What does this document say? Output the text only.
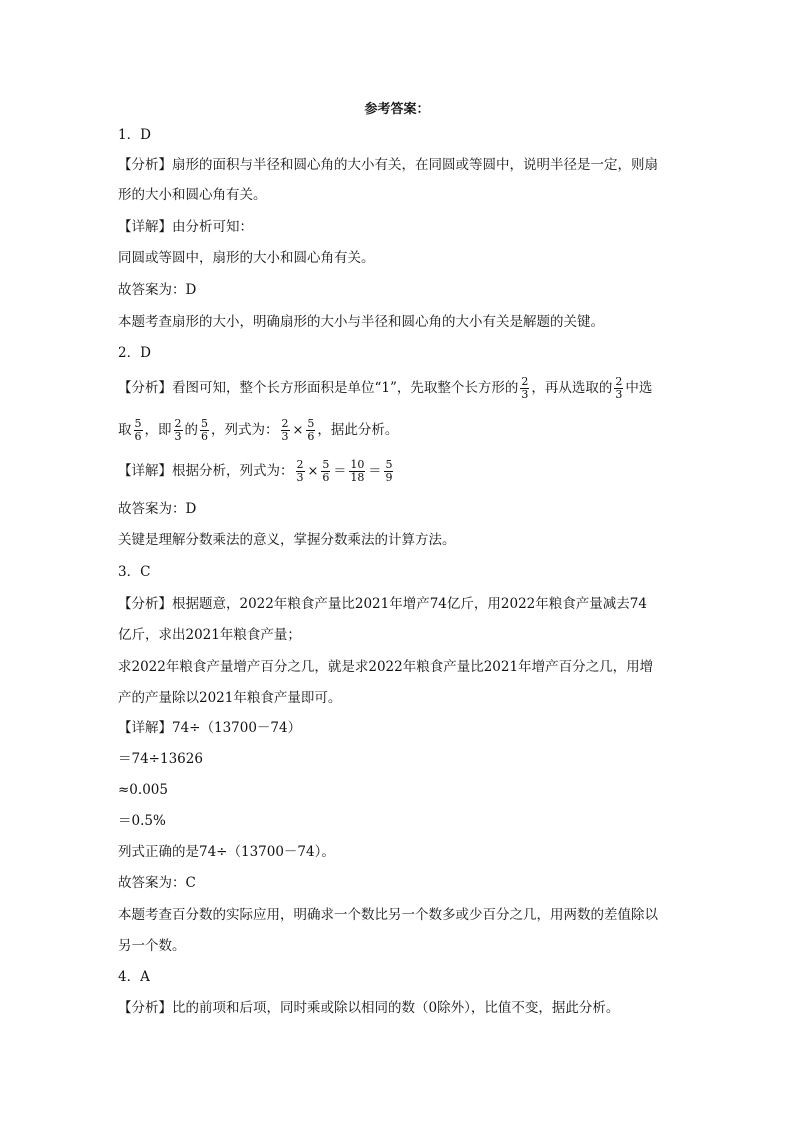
参考答案：
1．D
【分析】扇形的面积与半径和圆心角的大小有关，在同圆或等圆中，说明半径是一定，则扇
形的大小和圆心角有关。
【详解】由分析可知：
同圆或等圆中，扇形的大小和圆心角有关。
故答案为：D
本题考查扇形的大小，明确扇形的大小与半径和圆心角的大小有关是解题的关键。
2．D
【分析】看图可知，整个长方形面积是单位“1”，先取整个长方形的 $\frac{2}{3}$ ，再从选取的 $\frac{2}{3}$ 中选
取 $\frac{5}{6}$ ，即 $\frac{2}{3}$ 的 $\frac{5}{6}$ ，列式为： $\frac{2}{3} \times \frac{5}{6}$ ，据此分析。
【详解】根据分析，列式为： $\frac{2}{3} \times \frac{5}{6} = \frac{10}{18} = \frac{5}{9}$
故答案为：D
关键是理解分数乘法的意义，掌握分数乘法的计算方法。
3．C
【分析】根据题意，2022年粮食产量比2021年增产74亿斤，用2022年粮食产量减去74
亿斤，求出2021年粮食产量；
求2022年粮食产量增产百分之几，就是求2022年粮食产量比2021年增产百分之几，用增
产的产量除以2021年粮食产量即可。
【详解】74÷（13700－74）
＝74÷13626
≈0.005
＝0.5%
列式正确的是74÷（13700－74）。
故答案为：C
本题考查百分数的实际应用，明确求一个数比另一个数多或少百分之几，用两数的差值除以
另一个数。
4．A
【分析】比的前项和后项，同时乘或除以相同的数（0除外），比值不变，据此分析。
